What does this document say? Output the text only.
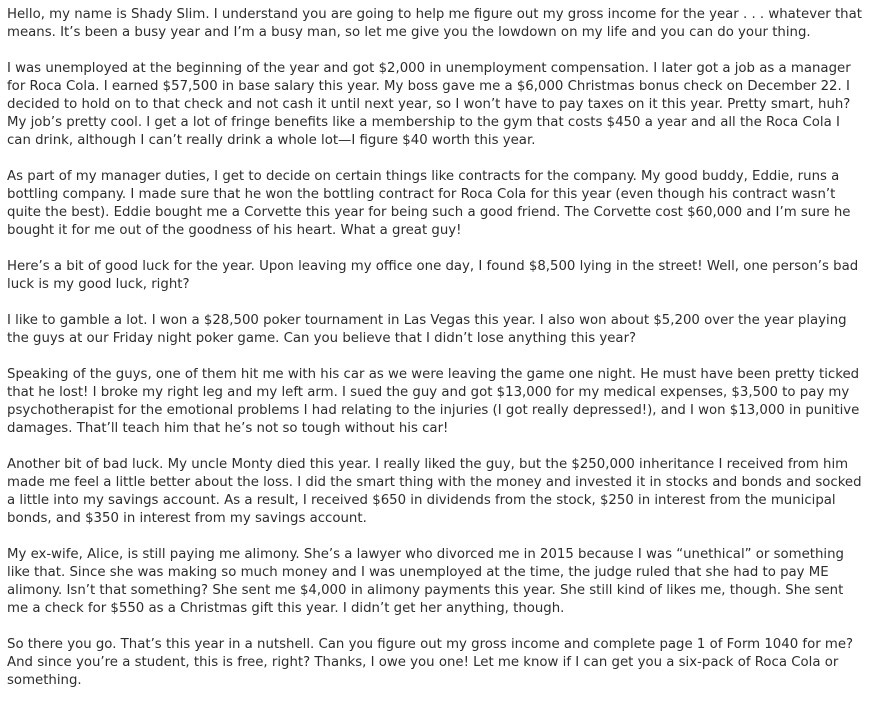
Hello, my name is Shady Slim. I understand you are going to help me figure out my gross income for the year . . . whatever that means. It’s been a busy year and I’m a busy man, so let me give you the lowdown on my life and you can do your thing.

I was unemployed at the beginning of the year and got $2,000 in unemployment compensation. I later got a job as a manager for Roca Cola. I earned $57,500 in base salary this year. My boss gave me a $6,000 Christmas bonus check on December 22. I decided to hold on to that check and not cash it until next year, so I won’t have to pay taxes on it this year. Pretty smart, huh? My job’s pretty cool. I get a lot of fringe benefits like a membership to the gym that costs $450 a year and all the Roca Cola I can drink, although I can’t really drink a whole lot—I figure $40 worth this year.

As part of my manager duties, I get to decide on certain things like contracts for the company. My good buddy, Eddie, runs a bottling company. I made sure that he won the bottling contract for Roca Cola for this year (even though his contract wasn’t quite the best). Eddie bought me a Corvette this year for being such a good friend. The Corvette cost $60,000 and I’m sure he bought it for me out of the goodness of his heart. What a great guy!

Here’s a bit of good luck for the year. Upon leaving my office one day, I found $8,500 lying in the street! Well, one person’s bad luck is my good luck, right?

I like to gamble a lot. I won a $28,500 poker tournament in Las Vegas this year. I also won about $5,200 over the year playing the guys at our Friday night poker game. Can you believe that I didn’t lose anything this year?

Speaking of the guys, one of them hit me with his car as we were leaving the game one night. He must have been pretty ticked that he lost! I broke my right leg and my left arm. I sued the guy and got $13,000 for my medical expenses, $3,500 to pay my psychotherapist for the emotional problems I had relating to the injuries (I got really depressed!), and I won $13,000 in punitive damages. That’ll teach him that he’s not so tough without his car!

Another bit of bad luck. My uncle Monty died this year. I really liked the guy, but the $250,000 inheritance I received from him made me feel a little better about the loss. I did the smart thing with the money and invested it in stocks and bonds and socked a little into my savings account. As a result, I received $650 in dividends from the stock, $250 in interest from the municipal bonds, and $350 in interest from my savings account.

My ex-wife, Alice, is still paying me alimony. She’s a lawyer who divorced me in 2015 because I was “unethical” or something like that. Since she was making so much money and I was unemployed at the time, the judge ruled that she had to pay ME alimony. Isn’t that something? She sent me $4,000 in alimony payments this year. She still kind of likes me, though. She sent me a check for $550 as a Christmas gift this year. I didn’t get her anything, though.

So there you go. That’s this year in a nutshell. Can you figure out my gross income and complete page 1 of Form 1040 for me? And since you’re a student, this is free, right? Thanks, I owe you one! Let me know if I can get you a six-pack of Roca Cola or something.
